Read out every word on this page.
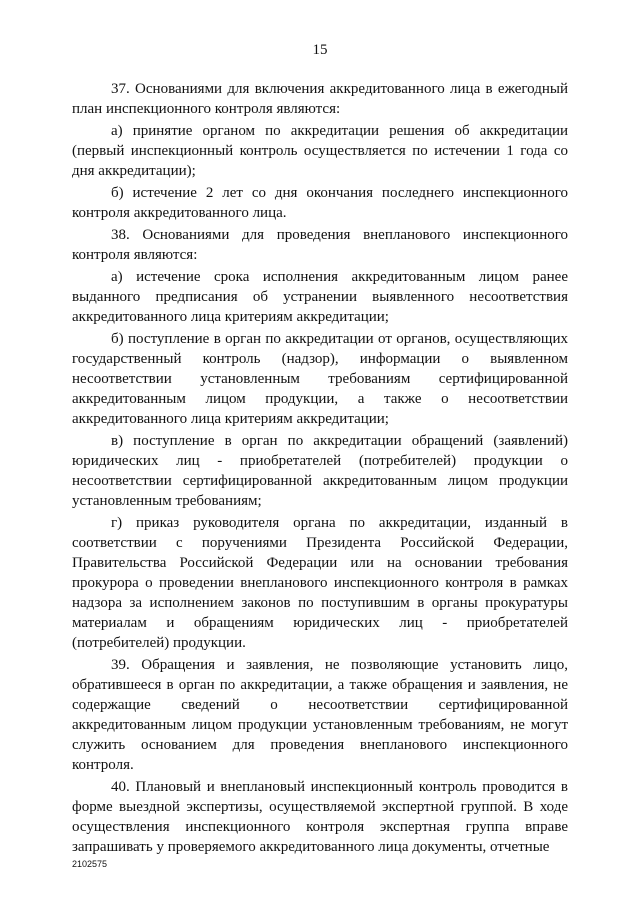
15

37. Основаниями для включения аккредитованного лица в ежегодный план инспекционного контроля являются:

а) принятие органом по аккредитации решения об аккредитации (первый инспекционный контроль осуществляется по истечении 1 года со дня аккредитации);

б) истечение 2 лет со дня окончания последнего инспекционного контроля аккредитованного лица.

38. Основаниями для проведения внепланового инспекционного контроля являются:

а) истечение срока исполнения аккредитованным лицом ранее выданного предписания об устранении выявленного несоответствия аккредитованного лица критериям аккредитации;

б) поступление в орган по аккредитации от органов, осуществляющих государственный контроль (надзор), информации о выявленном несоответствии установленным требованиям сертифицированной аккредитованным лицом продукции, а также о несоответствии аккредитованного лица критериям аккредитации;

в) поступление в орган по аккредитации обращений (заявлений) юридических лиц - приобретателей (потребителей) продукции о несоответствии сертифицированной аккредитованным лицом продукции установленным требованиям;

г) приказ руководителя органа по аккредитации, изданный в соответствии с поручениями Президента Российской Федерации, Правительства Российской Федерации или на основании требования прокурора о проведении внепланового инспекционного контроля в рамках надзора за исполнением законов по поступившим в органы прокуратуры материалам и обращениям юридических лиц - приобретателей (потребителей) продукции.

39. Обращения и заявления, не позволяющие установить лицо, обратившееся в орган по аккредитации, а также обращения и заявления, не содержащие сведений о несоответствии сертифицированной аккредитованным лицом продукции установленным требованиям, не могут служить основанием для проведения внепланового инспекционного контроля.

40. Плановый и внеплановый инспекционный контроль проводится в форме выездной экспертизы, осуществляемой экспертной группой. В ходе осуществления инспекционного контроля экспертная группа вправе запрашивать у проверяемого аккредитованного лица документы, отчетные

2102575
